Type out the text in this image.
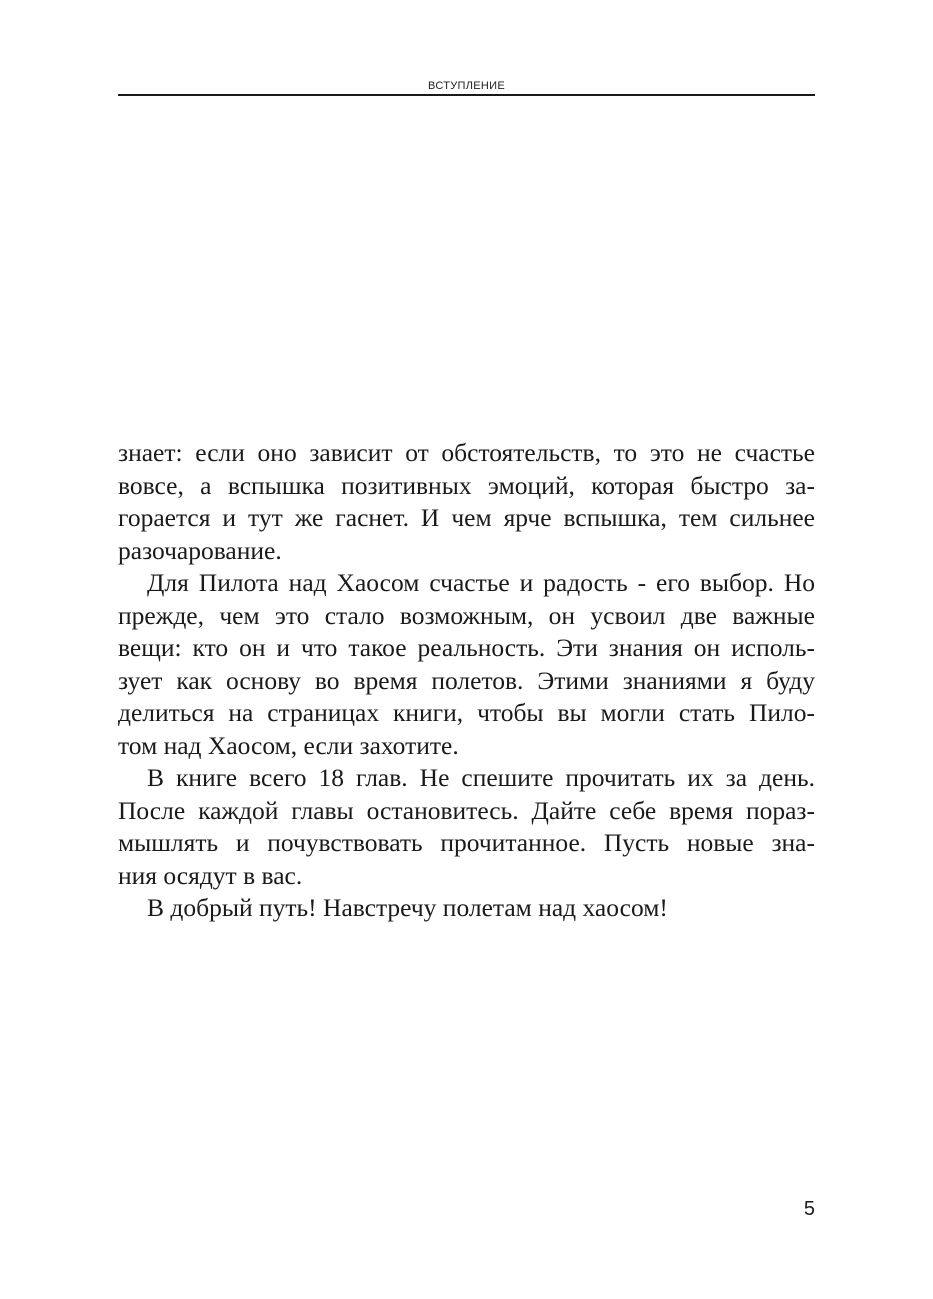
ВСТУПЛЕНИЕ

знает: если оно зависит от обстоятельств, то это не счастье
вовсе, а вспышка позитивных эмоций, которая быстро за-
горается и тут же гаснет. И чем ярче вспышка, тем сильнее
разочарование.

Для Пилота над Хаосом счастье и радость - его выбор. Но
прежде, чем это стало возможным, он усвоил две важные
вещи: кто он и что такое реальность. Эти знания он исполь-
зует как основу во время полетов. Этими знаниями я буду
делиться на страницах книги, чтобы вы могли стать Пило-
том над Хаосом, если захотите.

В книге всего 18 глав. Не спешите прочитать их за день.
После каждой главы остановитесь. Дайте себе время пораз-
мышлять и почувствовать прочитанное. Пусть новые зна-
ния осядут в вас.

В добрый путь! Навстречу полетам над хаосом!

5
